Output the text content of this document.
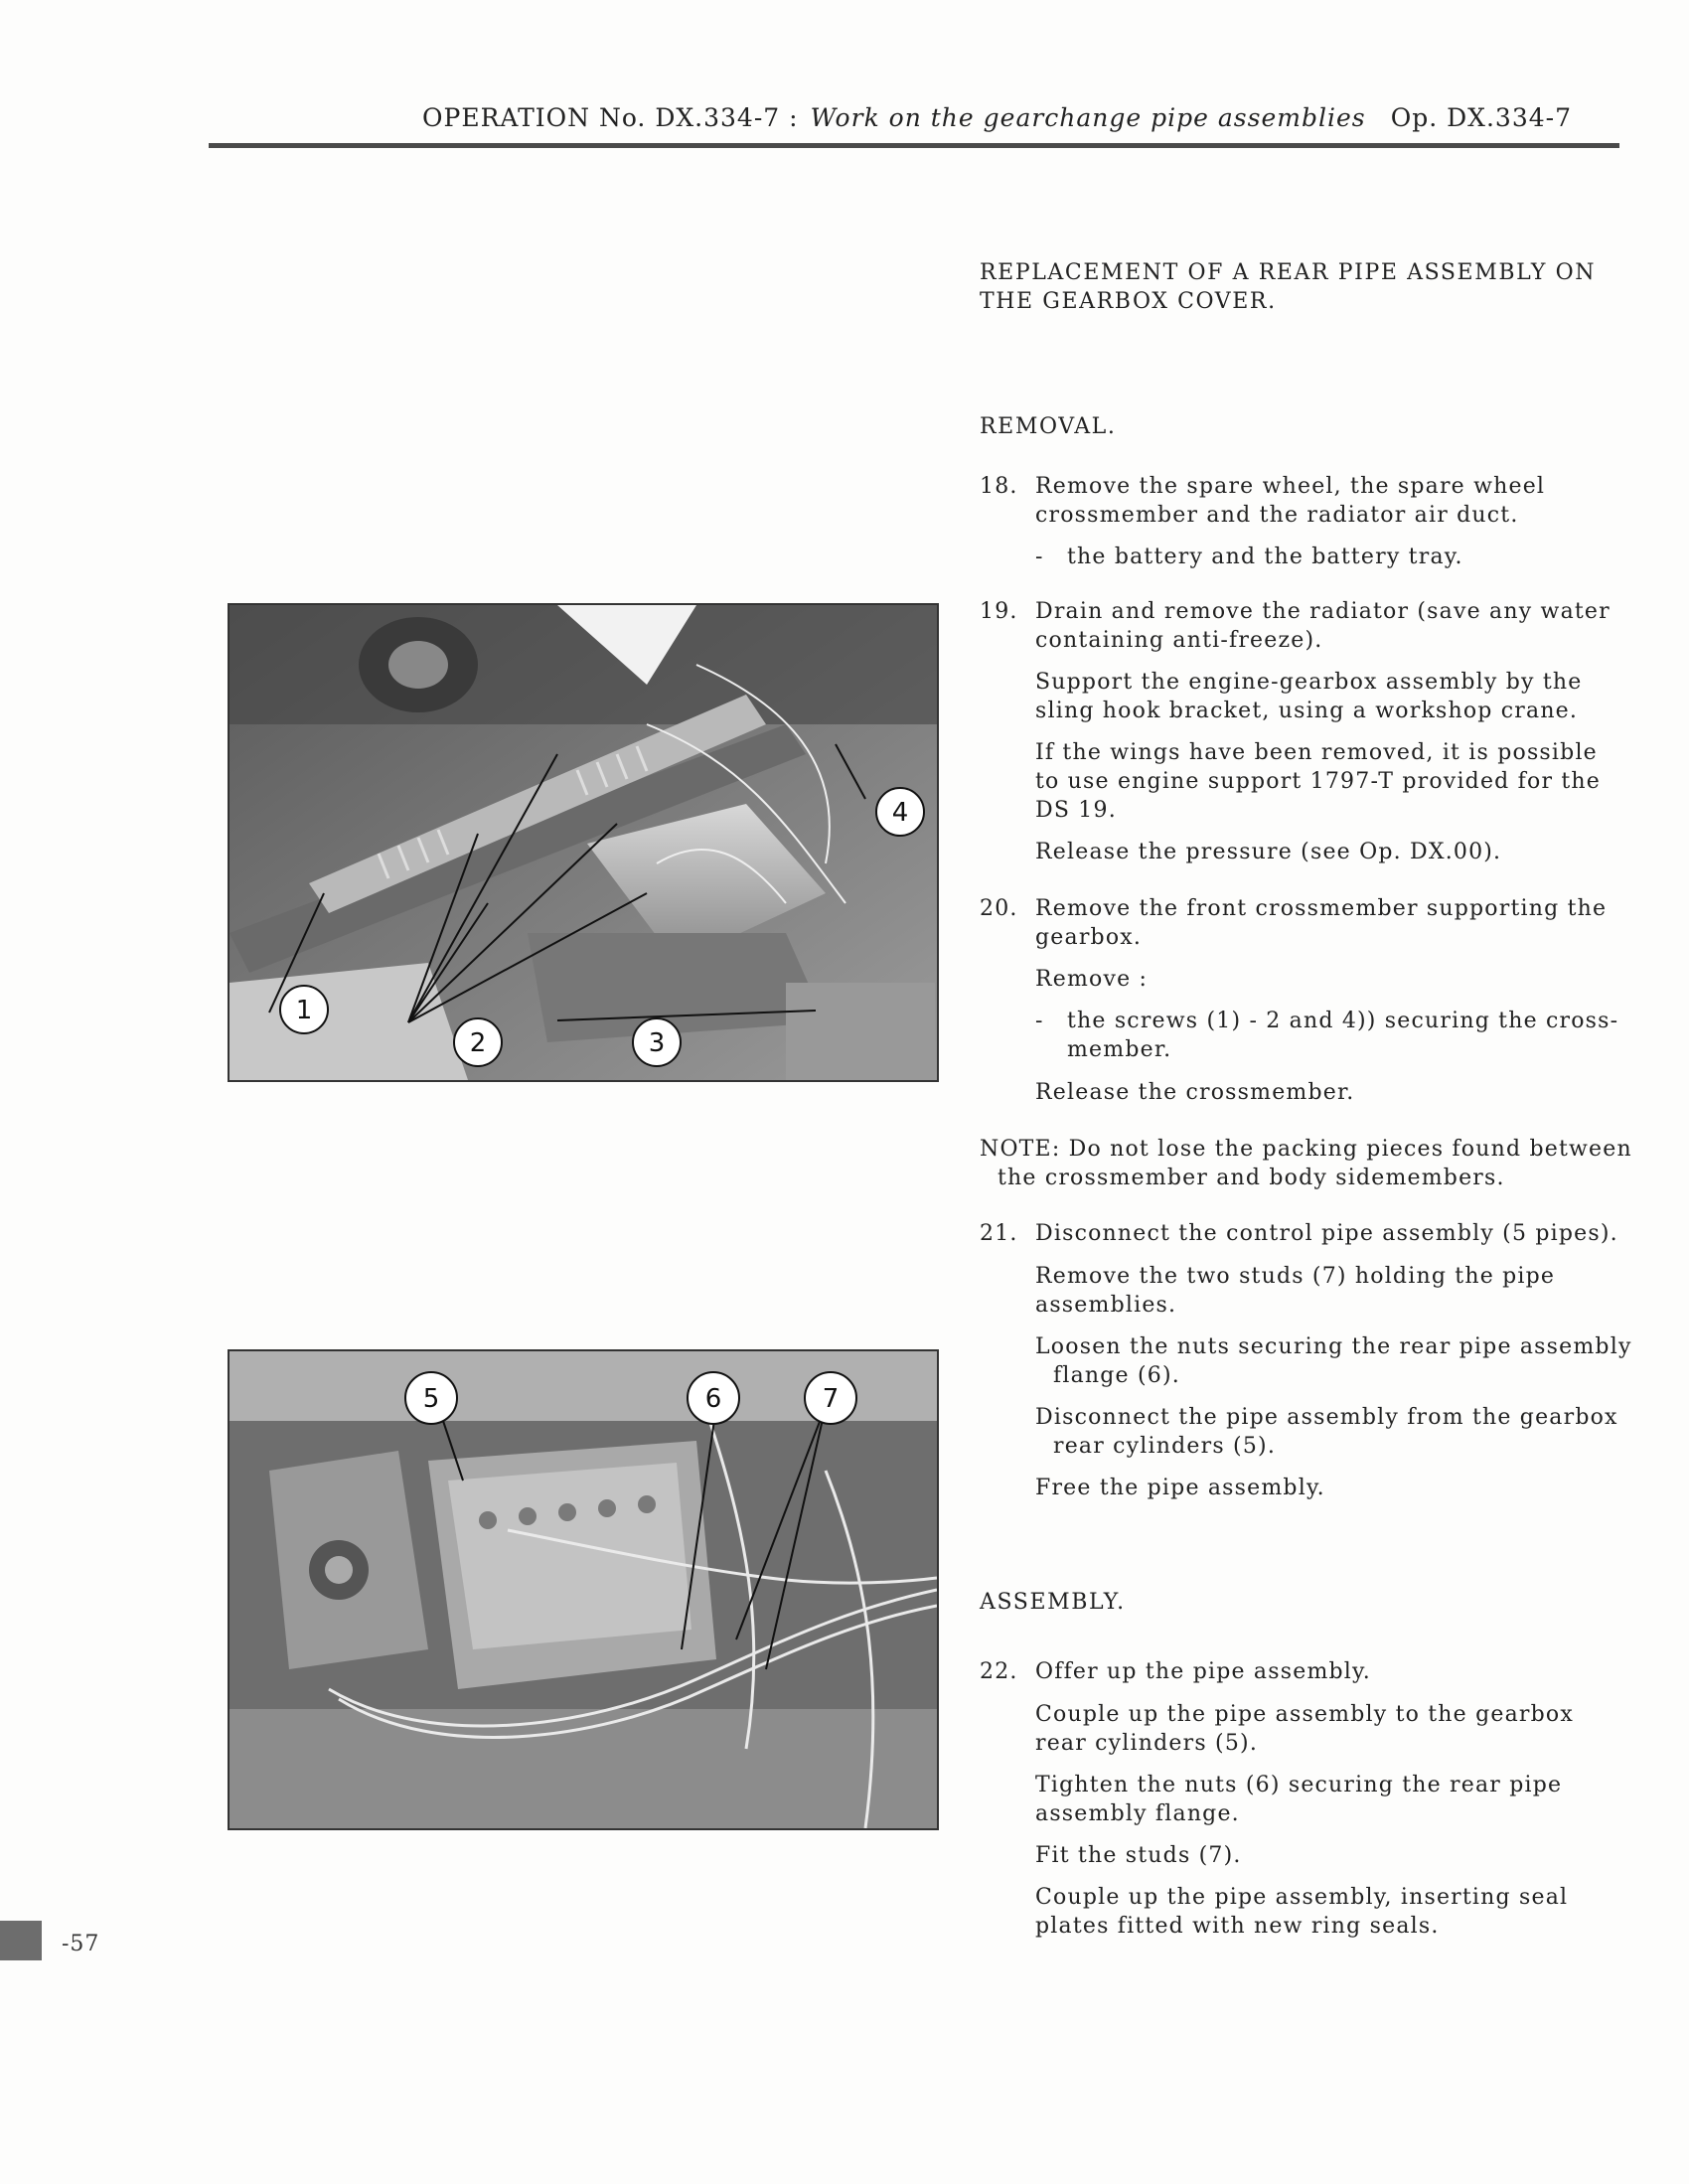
OPERATION No. DX.334-7 : Work on the gearchange pipe assemblies Op. DX.334-7
REPLACEMENT OF A REAR PIPE ASSEMBLY ON
THE GEARBOX COVER.
REMOVAL.
18. Remove the spare wheel, the spare wheel
crossmember and the radiator air duct.
- the battery and the battery tray.
19. Drain and remove the radiator (save any water
containing anti-freeze).
Support the engine-gearbox assembly by the
sling hook bracket, using a workshop crane.
If the wings have been removed, it is possible
to use engine support 1797-T provided for the
DS 19.
Release the pressure (see Op. DX.00).
20. Remove the front crossmember supporting the
gearbox.
Remove :
- the screws (1) - 2 and 4)) securing the cross-
member.
Release the crossmember.
NOTE: Do not lose the packing pieces found between
the crossmember and body sidemembers.
21. Disconnect the control pipe assembly (5 pipes).
Remove the two studs (7) holding the pipe
assemblies.
Loosen the nuts securing the rear pipe assembly
flange (6).
Disconnect the pipe assembly from the gearbox
rear cylinders (5).
Free the pipe assembly.
ASSEMBLY.
22. Offer up the pipe assembly.
Couple up the pipe assembly to the gearbox
rear cylinders (5).
Tighten the nuts (6) securing the rear pipe
assembly flange.
Fit the studs (7).
Couple up the pipe assembly, inserting seal
plates fitted with new ring seals.
1
2	3
4
5	6	7
-57
